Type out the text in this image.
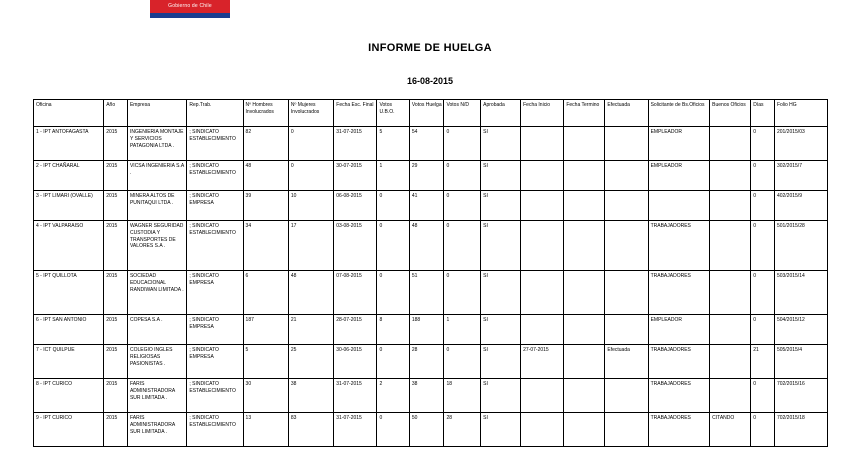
Gobierno de Chile
INFORME DE HUELGA
16-08-2015
Oficina	Año	Empresa	Rep.Trab.	Nº Hombres Involucrados	Nº Mujeres Involucrados	Fecha Esc. Final	Votos U.B.O.	Votos Huelga	Votos N/D	Aprobada	Fecha Inicio	Fecha Termino	Efectuada	Solicitante de Bs.Oficios	Buenos Oficios	Días	Folio HG
1 - IPT ANTOFAGASTA	2015	INGENIERIA MONTAJE Y SERVICIOS PATAGONIA LTDA .	; SINDICATO ESTABLECIMIENTO	82	0	31-07-2015	5	54	0	SI				EMPLEADOR		0	201/2015/03
2 - IPT CHAÑARAL	2015	VICSA INGENIERIA S.A .	; SINDICATO ESTABLECIMIENTO	48	0	30-07-2015	1	29	0	SI				EMPLEADOR		0	302/2015/7
3 - IPT LIMARI (OVALLE)	2015	MINERA ALTOS DE PUNITAQUI LTDA .	; SINDICATO EMPRESA	39	10	06-08-2015	0	41	0	SI						0	402/2015/9
4 - IPT VALPARAISO	2015	WAGNER SEGURIDAD CUSTODIA Y TRANSPORTES DE VALORES S.A .	; SINDICATO ESTABLECIMIENTO	34	17	03-08-2015	0	48	0	SI				TRABAJADORES		0	501/2015/28
5 - IPT QUILLOTA	2015	SOCIEDAD EDUCACIONAL RANDIWAN LIMITADA .	; SINDICATO EMPRESA	6	48	07-08-2015	0	51	0	SI				TRABAJADORES		0	503/2015/14
6 - IPT SAN ANTONIO	2015	COPESA S.A .	; SINDICATO EMPRESA	187	21	28-07-2015	8	188	1	SI				EMPLEADOR		0	504/2015/12
7 - ICT QUILPUE	2015	COLEGIO INGLES RELIGIOSAS PASIONISTAS .	; SINDICATO EMPRESA	5	25	30-06-2015	0	28	0	SI	27-07-2015		Efectuada	TRABAJADORES		21	505/2015/4
8 - IPT CURICO	2015	FARIS ADMINISTRADORA SUR LIMITADA .	; SINDICATO ESTABLECIMIENTO	30	38	31-07-2015	2	38	18	SI				TRABAJADORES		0	702/2015/16
9 - IPT CURICO	2015	FARIS ADMINISTRADORA SUR LIMITADA .	; SINDICATO ESTABLECIMIENTO	13	83	31-07-2015	0	50	28	SI				TRABAJADORES	CITANDO	0	702/2015/18
